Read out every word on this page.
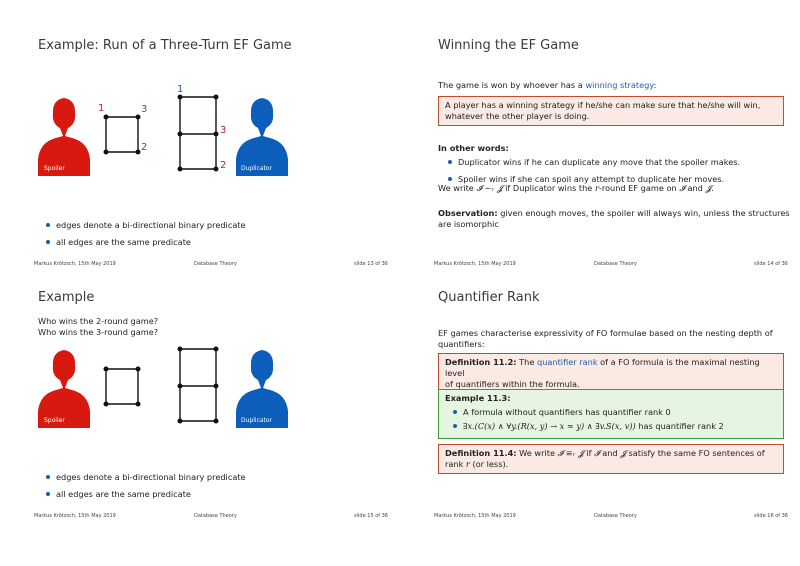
Example: Run of a Three-Turn EF Game
Spoiler
1	3
2
1
3
2 Duplicator
edges denote a bi-directional binary predicate
all edges are the same predicate
Markus Krötzsch, 15th May 2019	Database Theory	slide 13 of 36
Winning the EF Game
The game is won by whoever has a winning strategy:
A player has a winning strategy if he/she can make sure that he/she will win,
whatever the other player is doing.
In other words:
Duplicator wins if he can duplicate any move that the spoiler makes.
Spoiler wins if she can spoil any attempt to duplicate her moves.
We write 𝓘 ∼ᵣ 𝓙 if Duplicator wins the r-round EF game on 𝓘 and 𝓙.
Observation: given enough moves, the spoiler will always win, unless the structures
are isomorphic
Markus Krötzsch, 15th May 2019	Database Theory	slide 14 of 36
Example
Who wins the 2-round game?
Who wins the 3-round game?
Spoiler	Duplicator
edges denote a bi-directional binary predicate
all edges are the same predicate
Markus Krötzsch, 15th May 2019	Database Theory	slide 15 of 36
Quantifier Rank
EF games characterise expressivity of FO formulae based on the nesting depth of
quantifiers:
Definition 11.2: The quantifier rank of a FO formula is the maximal nesting level
of quantifiers within the formula.
Example 11.3:
A formula without quantifiers has quantifier rank 0
∃x.(C(x) ∧ ∀y.(R(x, y) → x ≈ y) ∧ ∃v.S(x, v)) has quantifier rank 2
Definition 11.4: We write 𝓘 ≡ᵣ 𝓙 if 𝓘 and 𝓙 satisfy the same FO sentences of
rank r (or less).
Markus Krötzsch, 15th May 2019	Database Theory	slide 16 of 36
